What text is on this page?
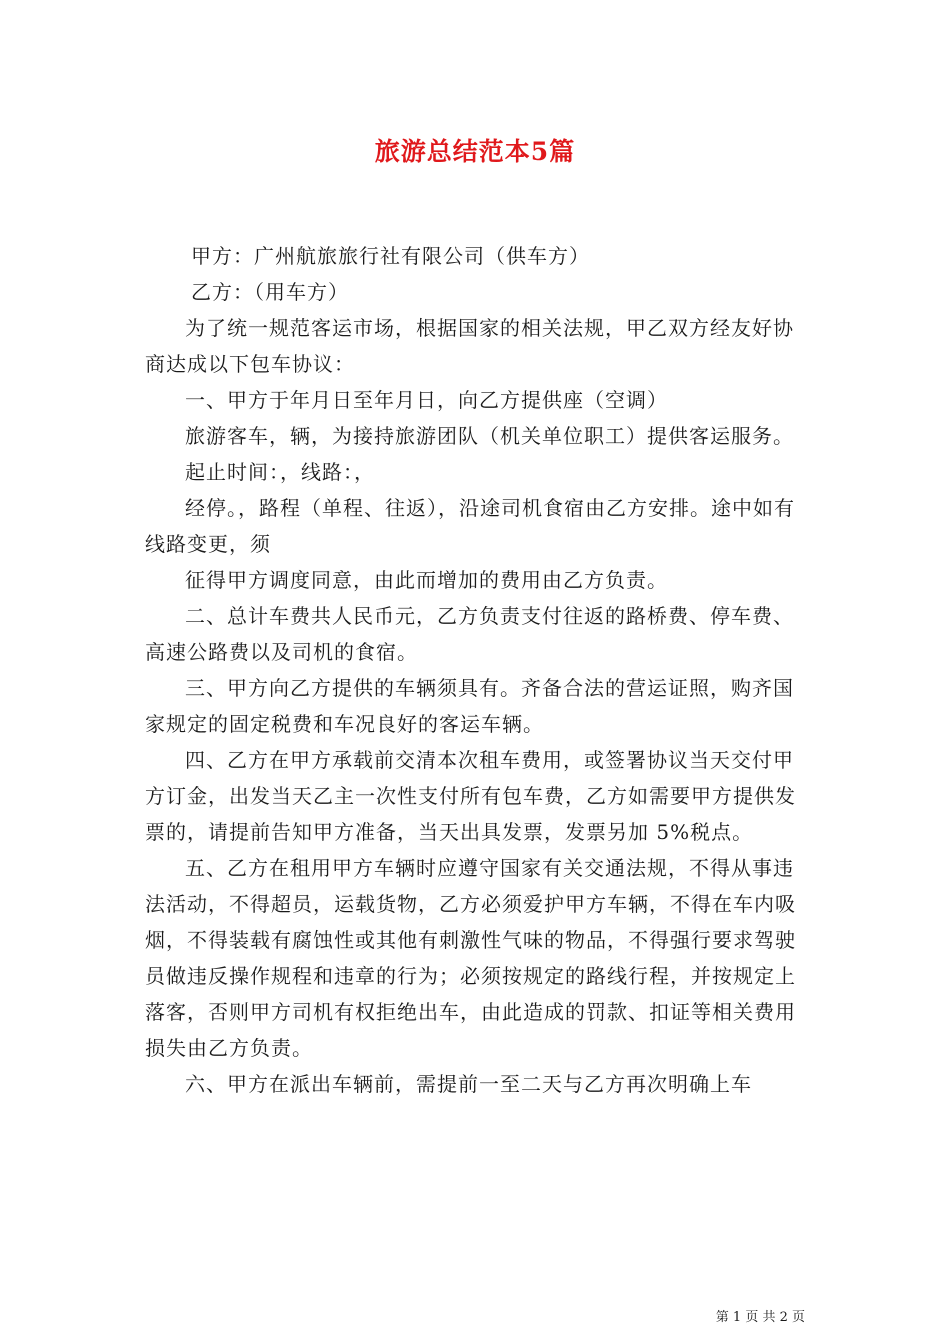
旅游总结范本5篇

甲方：广州航旅旅行社有限公司（供车方）

乙方：（用车方）

为了统一规范客运市场，根据国家的相关法规，甲乙双方经友好协商达成以下包车协议：

一、甲方于年月日至年月日，向乙方提供座（空调）

旅游客车，辆，为接持旅游团队（机关单位职工）提供客运服务。

起止时间：，线路：，

经停。，路程（单程、往返），沿途司机食宿由乙方安排。途中如有线路变更，须

征得甲方调度同意，由此而增加的费用由乙方负责。

二、总计车费共人民币元，乙方负责支付往返的路桥费、停车费、高速公路费以及司机的食宿。

三、甲方向乙方提供的车辆须具有。齐备合法的营运证照，购齐国家规定的固定税费和车况良好的客运车辆。

四、乙方在甲方承载前交清本次租车费用，或签署协议当天交付甲方订金，出发当天乙主一次性支付所有包车费，乙方如需要甲方提供发票的，请提前告知甲方准备，当天出具发票，发票另加 5%税点。

五、乙方在租用甲方车辆时应遵守国家有关交通法规，不得从事违法活动，不得超员，运载货物，乙方必须爱护甲方车辆，不得在车内吸烟，不得装载有腐蚀性或其他有刺激性气味的物品，不得强行要求驾驶员做违反操作规程和违章的行为；必须按规定的路线行程，并按规定上落客，否则甲方司机有权拒绝出车，由此造成的罚款、扣证等相关费用损失由乙方负责。

六、甲方在派出车辆前，需提前一至二天与乙方再次明确上车

第 1 页 共 2 页
